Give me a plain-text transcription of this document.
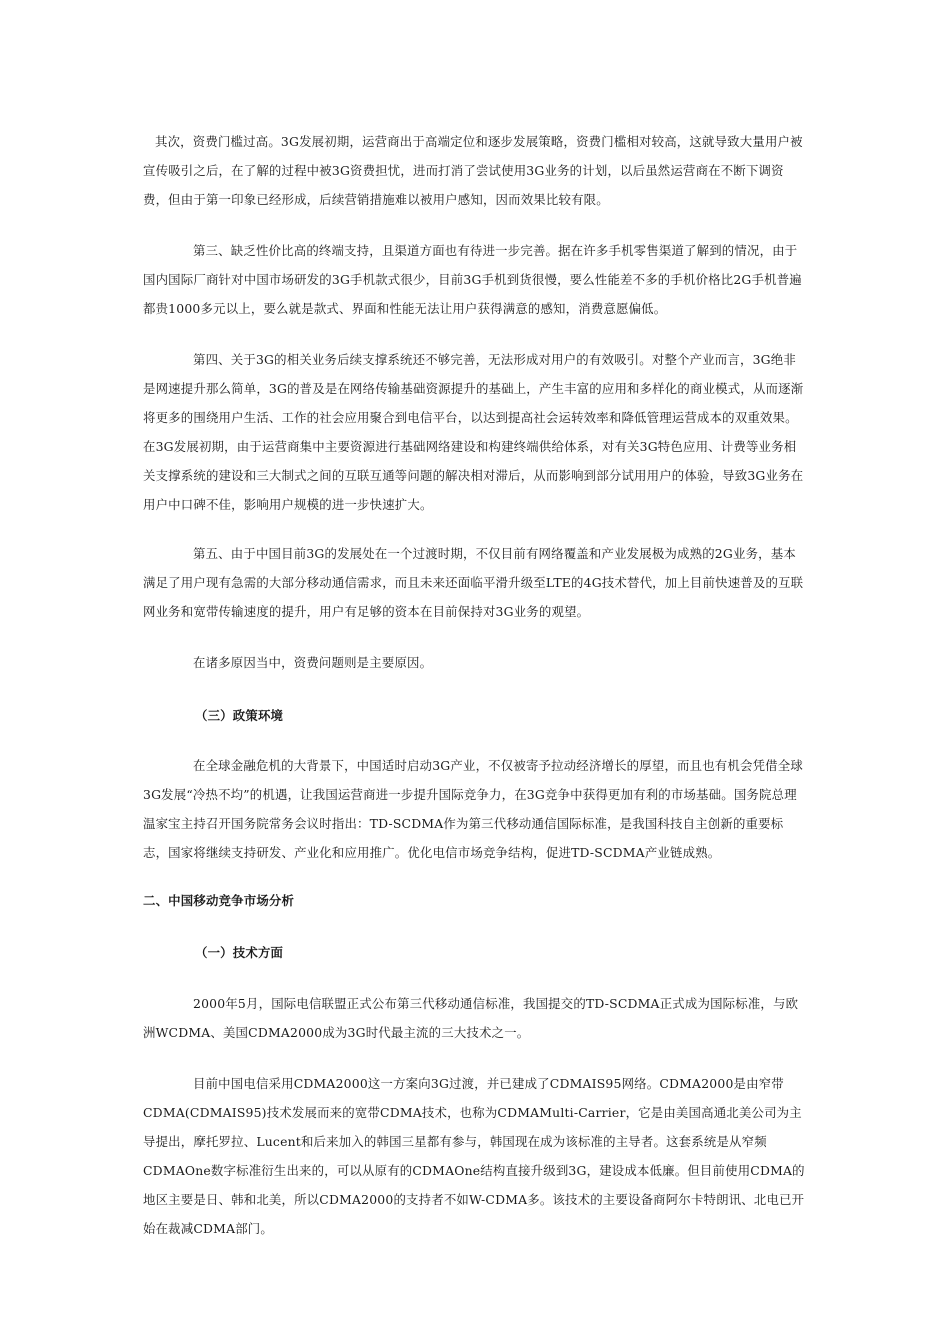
其次，资费门槛过高。3G发展初期，运营商出于高端定位和逐步发展策略，资费门槛相对较高，这就导致大量用户被宣传吸引之后，在了解的过程中被3G资费担忧，进而打消了尝试使用3G业务的计划，以后虽然运营商在不断下调资费，但由于第一印象已经形成，后续营销措施难以被用户感知，因而效果比较有限。

第三、缺乏性价比高的终端支持，且渠道方面也有待进一步完善。据在许多手机零售渠道了解到的情况，由于国内国际厂商针对中国市场研发的3G手机款式很少，目前3G手机到货很慢，要么性能差不多的手机价格比2G手机普遍都贵1000多元以上，要么就是款式、界面和性能无法让用户获得满意的感知，消费意愿偏低。

第四、关于3G的相关业务后续支撑系统还不够完善，无法形成对用户的有效吸引。对整个产业而言，3G绝非是网速提升那么简单，3G的普及是在网络传输基础资源提升的基础上，产生丰富的应用和多样化的商业模式，从而逐渐将更多的围绕用户生活、工作的社会应用聚合到电信平台，以达到提高社会运转效率和降低管理运营成本的双重效果。在3G发展初期，由于运营商集中主要资源进行基础网络建设和构建终端供给体系，对有关3G特色应用、计费等业务相关支撑系统的建设和三大制式之间的互联互通等问题的解决相对滞后，从而影响到部分试用用户的体验，导致3G业务在用户中口碑不佳，影响用户规模的进一步快速扩大。

第五、由于中国目前3G的发展处在一个过渡时期，不仅目前有网络覆盖和产业发展极为成熟的2G业务，基本满足了用户现有急需的大部分移动通信需求，而且未来还面临平滑升级至LTE的4G技术替代，加上目前快速普及的互联网业务和宽带传输速度的提升，用户有足够的资本在目前保持对3G业务的观望。

在诸多原因当中，资费问题则是主要原因。

（三）政策环境

在全球金融危机的大背景下，中国适时启动3G产业，不仅被寄予拉动经济增长的厚望，而且也有机会凭借全球3G发展“冷热不均”的机遇，让我国运营商进一步提升国际竞争力，在3G竞争中获得更加有利的市场基础。国务院总理温家宝主持召开国务院常务会议时指出：TD-SCDMA作为第三代移动通信国际标准，是我国科技自主创新的重要标志，国家将继续支持研发、产业化和应用推广。优化电信市场竞争结构，促进TD-SCDMA产业链成熟。

二、中国移动竞争市场分析

（一）技术方面

2000年5月，国际电信联盟正式公布第三代移动通信标准，我国提交的TD-SCDMA正式成为国际标准，与欧洲WCDMA、美国CDMA2000成为3G时代最主流的三大技术之一。

目前中国电信采用CDMA2000这一方案向3G过渡，并已建成了CDMAIS95网络。CDMA2000是由窄带CDMA(CDMAIS95)技术发展而来的宽带CDMA技术，也称为CDMAMulti-Carrier，它是由美国高通北美公司为主导提出，摩托罗拉、Lucent和后来加入的韩国三星都有参与，韩国现在成为该标准的主导者。这套系统是从窄频CDMAOne数字标准衍生出来的，可以从原有的CDMAOne结构直接升级到3G，建设成本低廉。但目前使用CDMA的地区主要是日、韩和北美，所以CDMA2000的支持者不如W-CDMA多。该技术的主要设备商阿尔卡特朗讯、北电已开始在裁减CDMA部门。
